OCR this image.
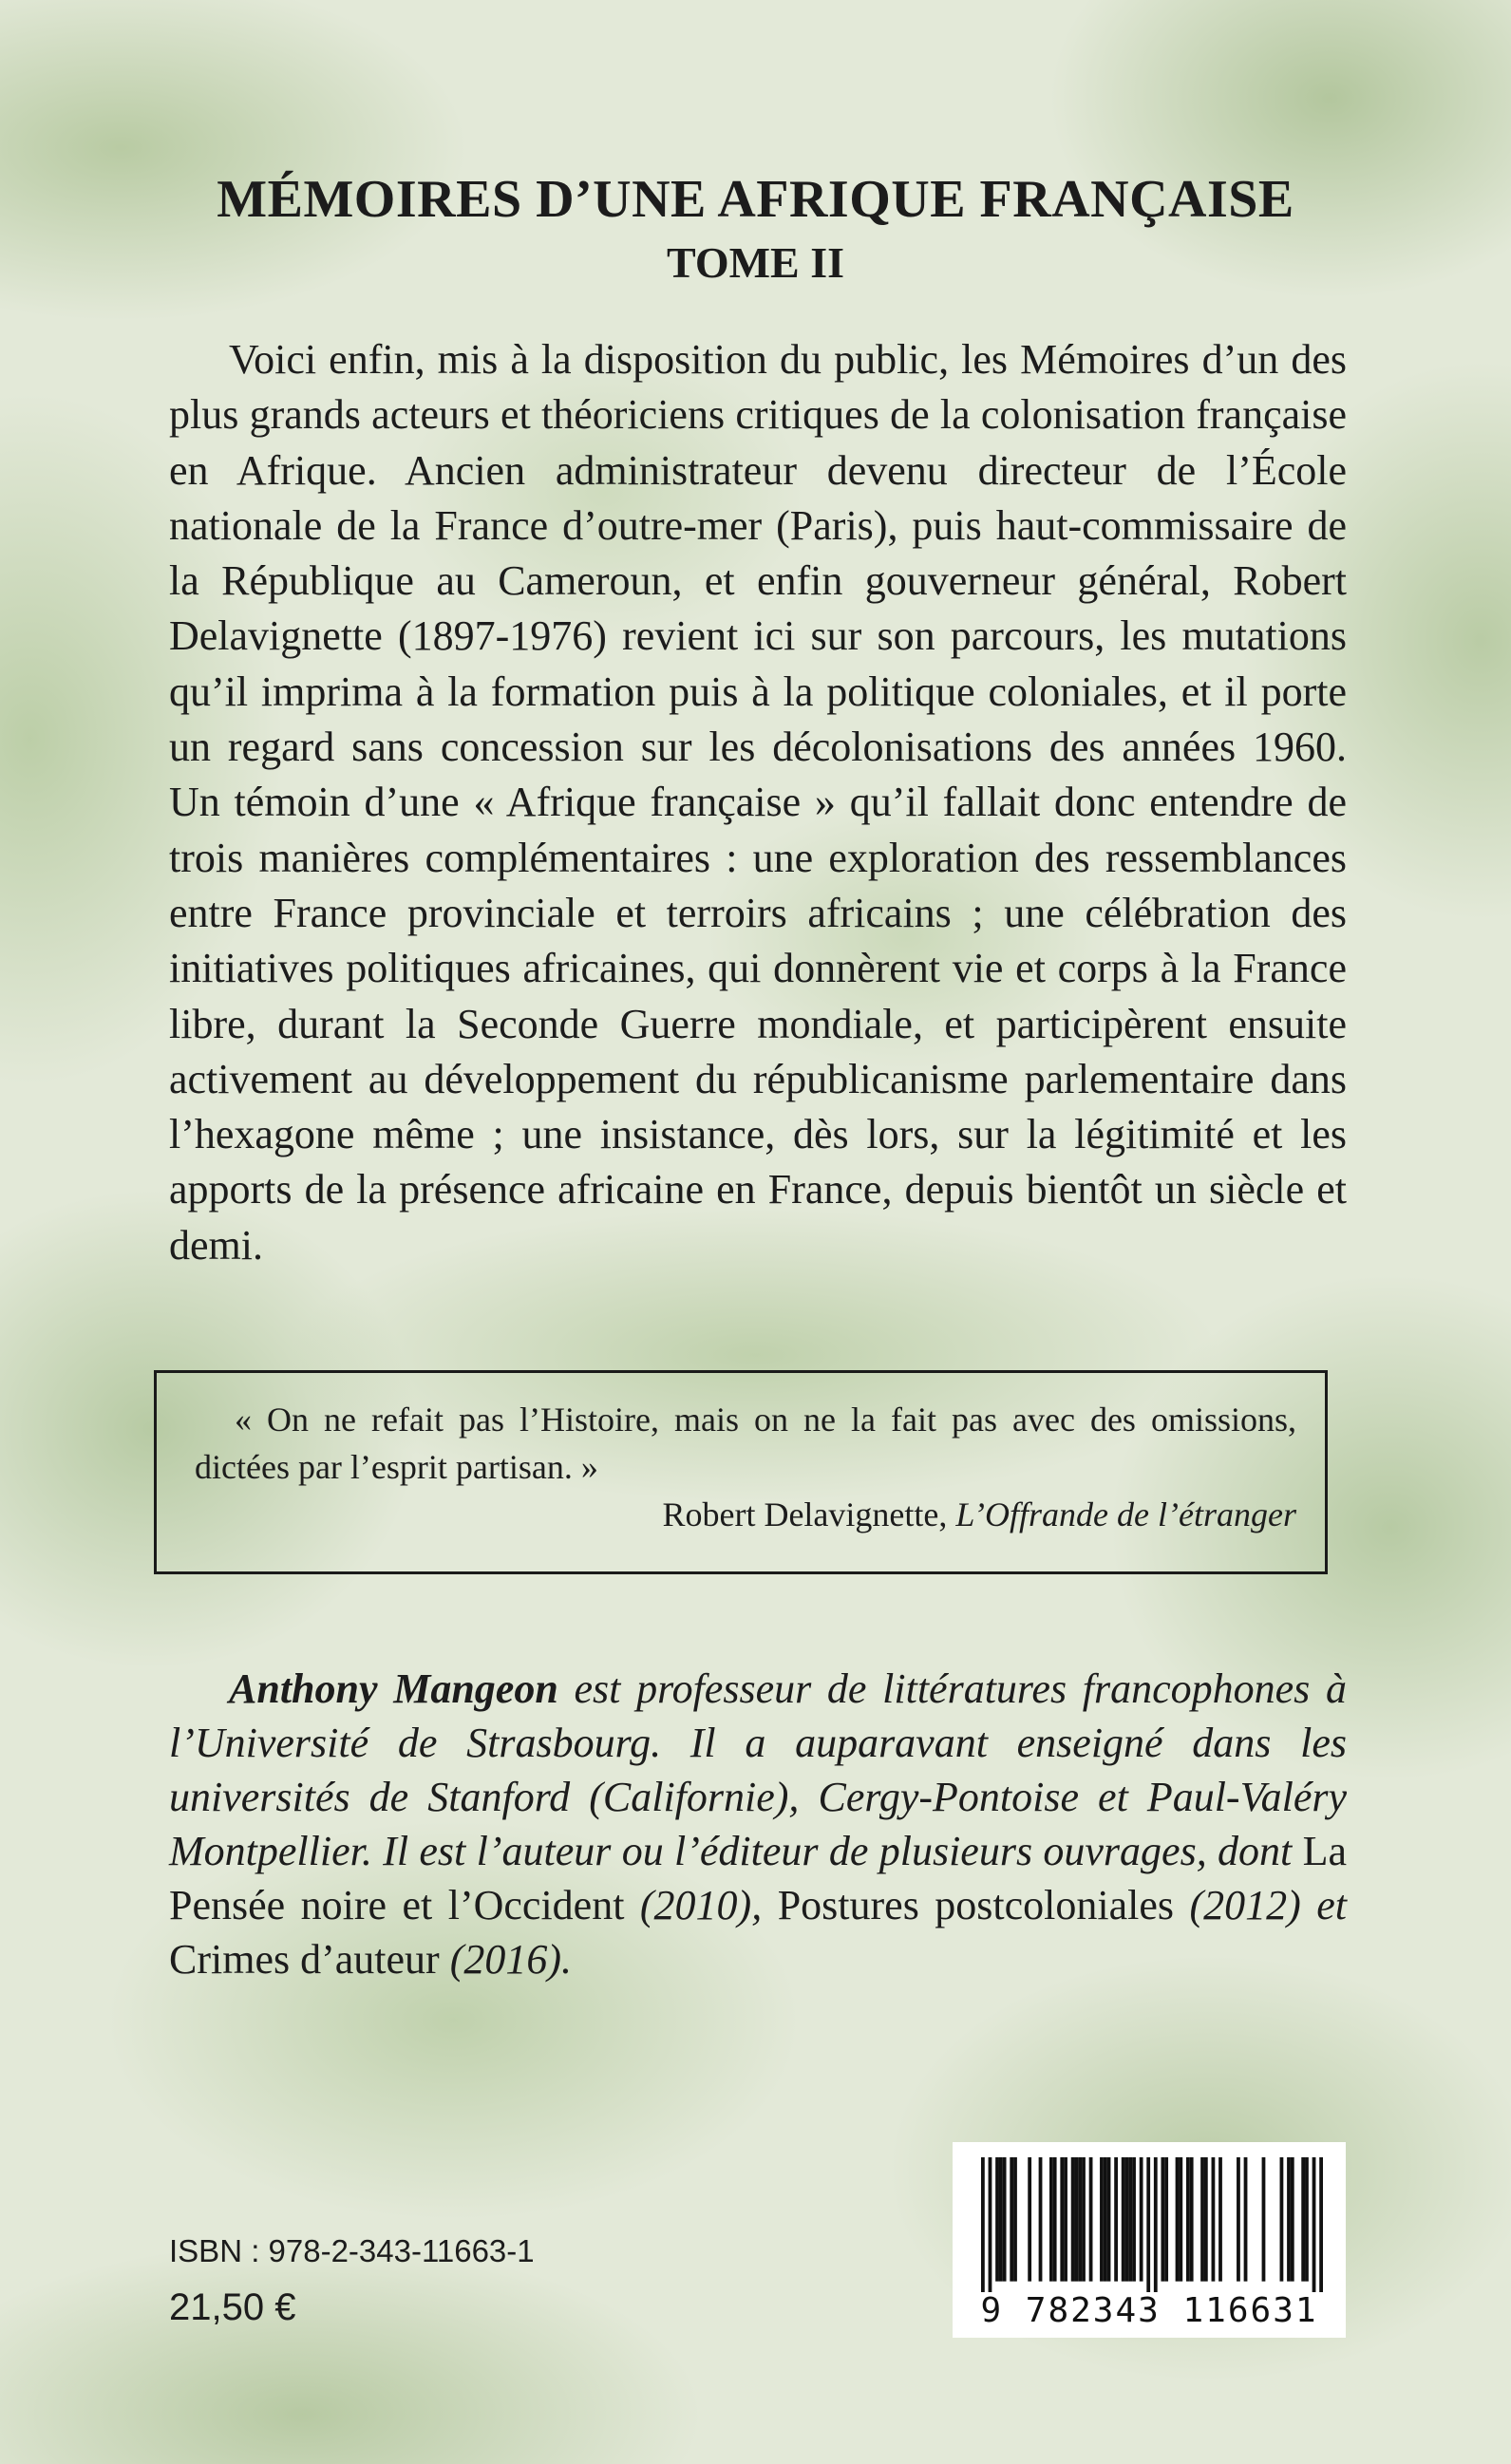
MÉMOIRES D’UNE AFRIQUE FRANÇAISE
TOME II

Voici enfin, mis à la disposition du public, les Mémoires d’un des plus grands acteurs et théoriciens critiques de la colonisation française en Afrique. Ancien administrateur devenu directeur de l’École nationale de la France d’outre-mer (Paris), puis haut-commissaire de la République au Cameroun, et enfin gouverneur général, Robert Delavignette (1897-1976) revient ici sur son parcours, les mutations qu’il imprima à la formation puis à la politique coloniales, et il porte un regard sans concession sur les décolonisations des années 1960. Un témoin d’une « Afrique française » qu’il fallait donc entendre de trois manières complémentaires : une exploration des ressemblances entre France provinciale et terroirs africains ; une célébration des initiatives politiques africaines, qui donnèrent vie et corps à la France libre, durant la Seconde Guerre mondiale, et participèrent ensuite activement au développement du républicanisme parlementaire dans l’hexagone même ; une insistance, dès lors, sur la légitimité et les apports de la présence africaine en France, depuis bientôt un siècle et demi.

« On ne refait pas l’Histoire, mais on ne la fait pas avec des omissions, dictées par l’esprit partisan. »

Robert Delavignette, L’Offrande de l’étranger

Anthony Mangeon est professeur de littératures francophones à l’Université de Strasbourg. Il a auparavant enseigné dans les universités de Stanford (Californie), Cergy-Pontoise et Paul-Valéry Montpellier. Il est l’auteur ou l’éditeur de plusieurs ouvrages, dont La Pensée noire et l’Occident (2010), Postures postcoloniales (2012) et Crimes d’auteur (2016).

ISBN : 978-2-343-11663-1

21,50 €	9 782343 116631
